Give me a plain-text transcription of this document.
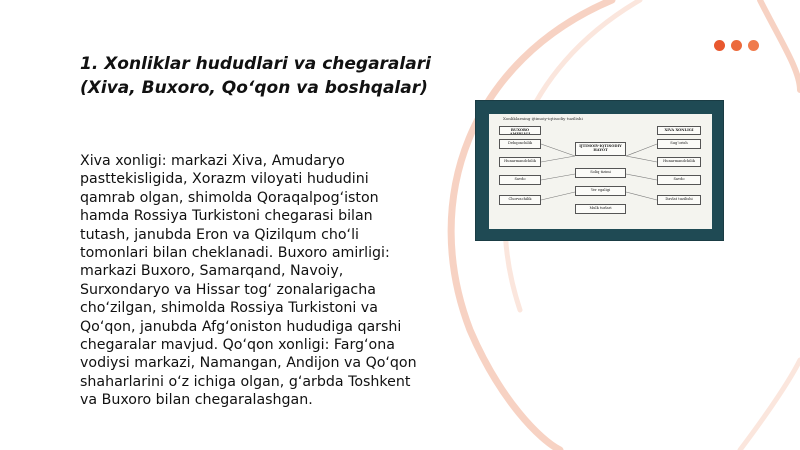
1. Xonliklar hududlari va chegaralari
(Xiva, Buxoro, Qo‘qon va boshqalar)
Xiva xonligi: markazi Xiva, Amudaryo pasttekisligida, Xorazm viloyati hududini qamrab olgan, shimolda Qoraqalpog‘iston hamda Rossiya Turkistoni chegarasi bilan tutash, janubda Eron va Qizilqum cho‘li tomonlari bilan cheklanadi. Buxoro amirligi: markazi Buxoro, Samarqand, Navoiy, Surxondaryo va Hissar tog‘ zonalarigacha cho‘zilgan, shimolda Rossiya Turkistoni va Qo‘qon, janubda Afg‘oniston hududiga qarshi chegaralar mavjud. Qo‘qon xonligi: Farg‘ona vodiysi markazi, Namangan, Andijon va Qo‘qon shaharlarini o‘z ichiga olgan, g‘arbda Toshkent va Buxoro bilan chegaralashgan.
Xonliklarning ijtimoiy-iqtisodiy tuzilishi
BUXORO AMIRLIGI
Dehqonchilik
Hunarmandchilik
Savdo
Chorvachilik
IJTIMOIY-IQTISODIY HAYOT
Soliq tizimi
Yer egaligi
Mulk turlari
XIVA XONLIGI
Sug‘orish
Hunarmandchilik
Savdo
Davlat tuzilishi
